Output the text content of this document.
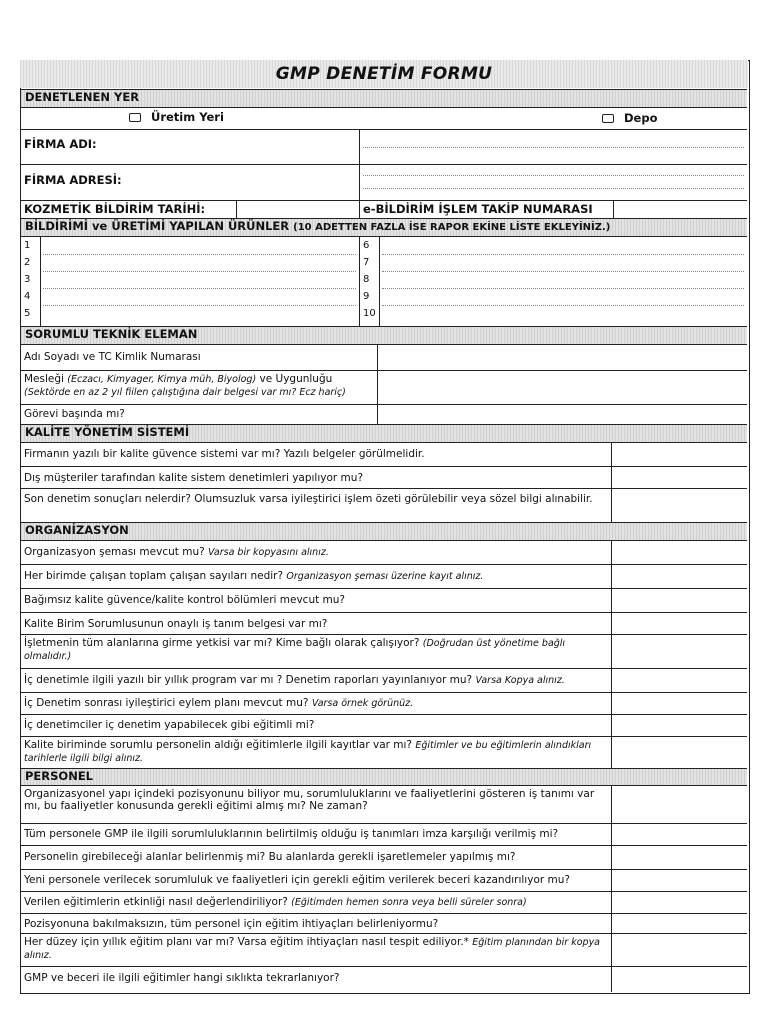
GMP DENETİM FORMU
DENETLENEN YER
Üretim Yeri	Depo
FİRMA ADI:
FİRMA ADRESİ:
KOZMETİK BİLDİRİM TARİHİ:	e-BİLDİRİM İŞLEM TAKİP NUMARASI
BİLDİRİMİ ve ÜRETİMİ YAPILAN ÜRÜNLER (10 ADETTEN FAZLA İSE RAPOR EKİNE LİSTE EKLEYİNİZ.)
1
2
3
4
5
6
7
8
9
10
SORUMLU TEKNİK ELEMAN
Adı Soyadı ve TC Kimlik Numarası
Mesleği (Eczacı, Kimyager, Kimya müh, Biyolog) ve Uygunluğu
(Sektörde en az 2 yıl fiilen çalıştığına dair belgesi var mı? Ecz hariç)
Görevi başında mı?
KALİTE YÖNETİM SİSTEMİ
Firmanın yazılı bir kalite güvence sistemi var mı? Yazılı belgeler görülmelidir.
Dış müşteriler tarafından kalite sistem denetimleri yapılıyor mu?
Son denetim sonuçları nelerdir? Olumsuzluk varsa iyileştirici işlem özeti görülebilir veya sözel bilgi alınabilir.
ORGANİZASYON
Organizasyon şeması mevcut mu? Varsa bir kopyasını alınız.
Her birimde çalışan toplam çalışan sayıları nedir? Organizasyon şeması üzerine kayıt alınız.
Bağımsız kalite güvence/kalite kontrol bölümleri mevcut mu?
Kalite Birim Sorumlusunun onaylı iş tanım belgesi var mı?
İşletmenin tüm alanlarına girme yetkisi var mı? Kime bağlı olarak çalışıyor? (Doğrudan üst yönetime bağlı olmalıdır.)
İç denetimle ilgili yazılı bir yıllık program var mı ? Denetim raporları yayınlanıyor mu? Varsa Kopya alınız.
İç Denetim sonrası iyileştirici eylem planı mevcut mu? Varsa örnek görünüz.
İç denetimciler iç denetim yapabilecek gibi eğitimli mi?
Kalite biriminde sorumlu personelin aldığı eğitimlerle ilgili kayıtlar var mı? Eğitimler ve bu eğitimlerin alındıkları tarihlerle ilgili bilgi alınız.
PERSONEL
Organizasyonel yapı içindeki pozisyonunu biliyor mu, sorumluluklarını ve faaliyetlerini gösteren iş tanımı var mı, bu faaliyetler konusunda gerekli eğitimi almış mı? Ne zaman?
Tüm personele GMP ile ilgili sorumluluklarının belirtilmiş olduğu iş tanımları imza karşılığı verilmiş mi?
Personelin girebileceği alanlar belirlenmiş mi? Bu alanlarda gerekli işaretlemeler yapılmış mı?
Yeni personele verilecek sorumluluk ve faaliyetleri için gerekli eğitim verilerek beceri kazandırılıyor mu?
Verilen eğitimlerin etkinliği nasıl değerlendiriliyor? (Eğitimden hemen sonra veya belli süreler sonra)
Pozisyonuna bakılmaksızın, tüm personel için eğitim ihtiyaçları belirleniyormu?
Her düzey için yıllık eğitim planı var mı? Varsa eğitim ihtiyaçları nasıl tespit ediliyor.* Eğitim planından bir kopya alınız.
GMP ve beceri ile ilgili eğitimler hangi sıklıkta tekrarlanıyor?
